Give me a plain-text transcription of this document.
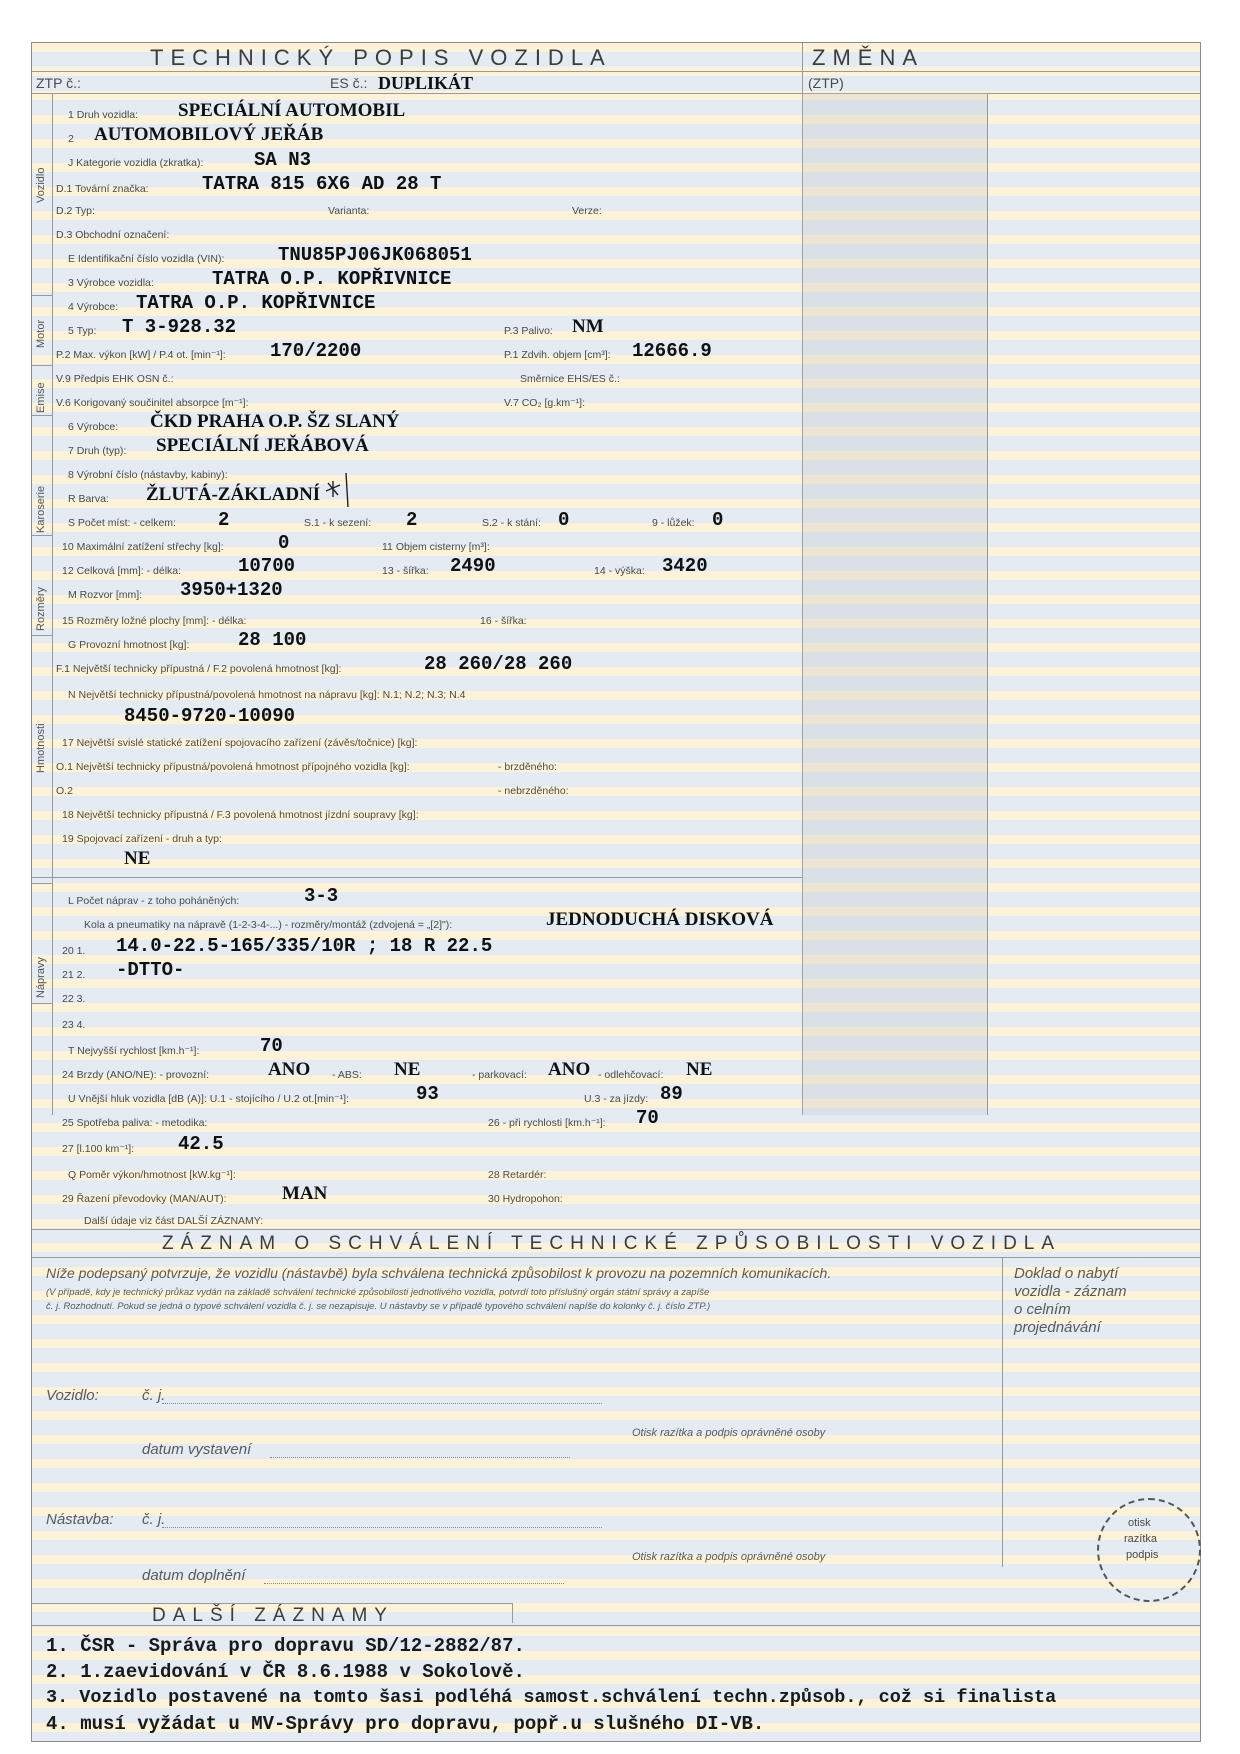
TECHNICKÝ POPIS VOZIDLA	ZMĚNA
ZTP č.:	ES č.: DUPLIKÁT	(ZTP)
Vozidlo
Motor
Emise
Karoserie
Rozměry
Hmotnosti
Nápravy
1 Druh vozidla: SPECIÁLNÍ AUTOMOBIL
2 AUTOMOBILOVÝ JEŘÁB
J Kategorie vozidla (zkratka):	SA N3
D.1 Tovární značka:	TATRA 815 6X6 AD 28 T
D.2 Typ:	Varianta:	Verze:
D.3 Obchodní označení:
E Identifikační číslo vozidla (VIN):	TNU85PJ06JK068051
3 Výrobce vozidla:	TATRA O.P. KOPŘIVNICE
4 Výrobce: TATRA O.P. KOPŘIVNICE
5 Typ: T 3-928.32	P.3 Palivo: NM
P.2 Max. výkon [kW] / P.4 ot. [min⁻¹]: 170/2200	P.1 Zdvih. objem [cm³]: 12666.9
V.9 Předpis EHK OSN č.:	Směrnice EHS/ES č.:
V.6 Korigovaný součinitel absorpce [m⁻¹]:	V.7 CO₂ [g.km⁻¹]:
6 Výrobce: ČKD PRAHA O.P. ŠZ SLANÝ
7 Druh (typ): SPECIÁLNÍ JEŘÁBOVÁ
8 Výrobní číslo (nástavby, kabiny):
R Barva: ŽLUTÁ-ZÁKLADNÍ
S Počet míst: - celkem: 2	S.1 - k sezení: 2	S.2 - k stání: 0	9 - lůžek: 0
10 Maximální zatížení střechy [kg]:	0	11 Objem cisterny [m³]:
12 Celková [mm]: - délka:	10700	13 - šířka: 2490	14 - výška: 3420
M Rozvor [mm]: 3950+1320
15 Rozměry ložné plochy [mm]: - délka:	16 - šířka:
G Provozní hmotnost [kg]:	28 100
F.1 Největší technicky přípustná / F.2 povolená hmotnost [kg]:	28 260/28 260
N Největší technicky přípustná/povolená hmotnost na nápravu [kg]: N.1; N.2; N.3; N.4
8450-9720-10090
17 Největší svislé statické zatížení spojovacího zařízení (závěs/točnice) [kg]:
O.1 Největší technicky přípustná/povolená hmotnost přípojného vozidla [kg]:	- brzděného:
O.2	- nebrzděného:
18 Největší technicky přípustná / F.3 povolená hmotnost jízdní soupravy [kg]:
19 Spojovací zařízení - druh a typ:
NE
L Počet náprav - z toho poháněných:	3-3
Kola a pneumatiky na nápravě (1-2-3-4-...) - rozměry/montáž (zdvojená = „[2]"):	JEDNODUCHÁ DISKOVÁ
20 1. 14.0-22.5-165/335/10R ; 18 R 22.5
21 2. -DTTO-
22 3.
23 4.
T Nejvyšší rychlost [km.h⁻¹]:	70
24 Brzdy (ANO/NE): - provozní:	ANO - ABS: NE	- parkovací: ANO - odlehčovací: NE
U Vnější hluk vozidla [dB (A)]: U.1 - stojícího / U.2 ot.[min⁻¹]:	93	U.3 - za jízdy: 89
25 Spotřeba paliva: - metodika:	26 - při rychlosti [km.h⁻¹]: 70
27 [l.100 km⁻¹]: 42.5
Q Poměr výkon/hmotnost [kW.kg⁻¹]:	28 Retardér:
29 Řazení převodovky (MAN/AUT):	MAN	30 Hydropohon:
Další údaje viz část DALŠÍ ZÁZNAMY:
ZÁZNAM O SCHVÁLENÍ TECHNICKÉ ZPŮSOBILOSTI VOZIDLA
Níže podepsaný potvrzuje, že vozidlu (nástavbě) byla schválena technická způsobilost k provozu na pozemních komunikacích.
(V případě, kdy je technický průkaz vydán na základě schválení technické způsobilosti jednotlivého vozidla, potvrdí toto příslušný orgán státní správy a zapíše
č. j. Rozhodnutí. Pokud se jedná o typové schválení vozidla č. j. se nezapisuje. U nástavby se v případě typového schválení napíše do kolonky č. j. číslo ZTP.)
Doklad o nabytí
vozidla - záznam
o celním
projednávání
Vozidlo:	č. j.
Otisk razítka a podpis oprávněné osoby
datum vystavení
Nástavba: č. j.
Otisk razítka a podpis oprávněné osoby
datum doplnění
otisk
razítka
podpis
DALŠÍ ZÁZNAMY
1. ČSR - Správa pro dopravu SD/12-2882/87.
2. 1.zaevidování v ČR 8.6.1988 v Sokolově.
3. Vozidlo postavené na tomto šasi podléhá samost.schválení techn.způsob., což si finalista
4. musí vyžádat u MV-Správy pro dopravu, popř.u slušného DI-VB.
